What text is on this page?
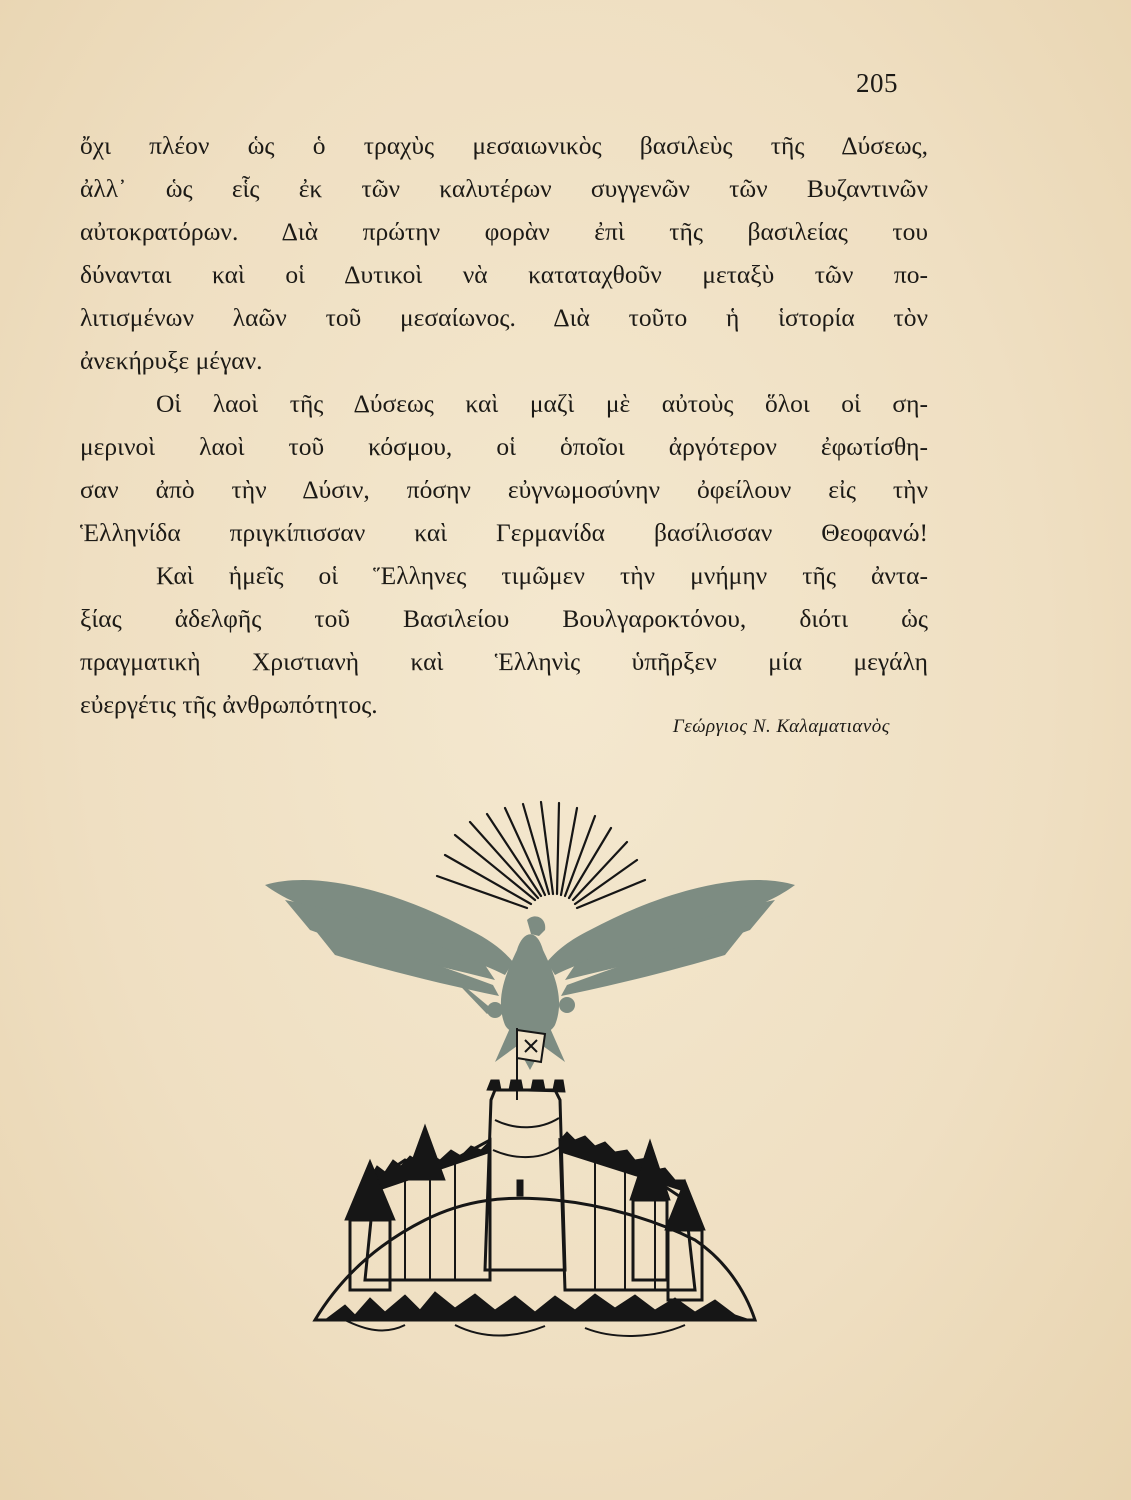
205
ὄχι πλέον ὡς ὁ τραχὺς μεσαιωνικὸς βασιλεὺς τῆς Δύσεως,
ἀλλ᾽ ὡς εἷς ἐκ τῶν καλυτέρων συγγενῶν τῶν Βυζαντινῶν
αὐτοκρατόρων. Διὰ πρώτην φορὰν ἐπὶ τῆς βασιλείας του
δύνανται καὶ οἱ Δυτικοὶ νὰ καταταχθοῦν μεταξὺ τῶν πο-
λιτισμένων λαῶν τοῦ μεσαίωνος. Διὰ τοῦτο ἡ ἱστορία τὸν
ἀνεκήρυξε μέγαν.
Οἱ λαοὶ τῆς Δύσεως καὶ μαζὶ μὲ αὐτοὺς ὅλοι οἱ ση-
μερινοὶ λαοὶ τοῦ κόσμου, οἱ ὁποῖοι ἀργότερον ἐφωτίσθη-
σαν ἀπὸ τὴν Δύσιν, πόσην εὐγνωμοσύνην ὀφείλουν εἰς τὴν
Ἑλληνίδα πριγκίπισσαν καὶ Γερμανίδα βασίλισσαν Θεοφανώ!
Καὶ ἡμεῖς οἱ Ἕλληνες τιμῶμεν τὴν μνήμην τῆς ἀντα-
ξίας ἀδελφῆς τοῦ Βασιλείου Βουλγαροκτόνου, διότι ὡς
πραγματικὴ Χριστιανὴ καὶ Ἑλληνὶς ὑπῆρξεν μία μεγάλη
εὐεργέτις τῆς ἀνθρωπότητος.
Γεώργιος Ν. Καλαματιανὸς
